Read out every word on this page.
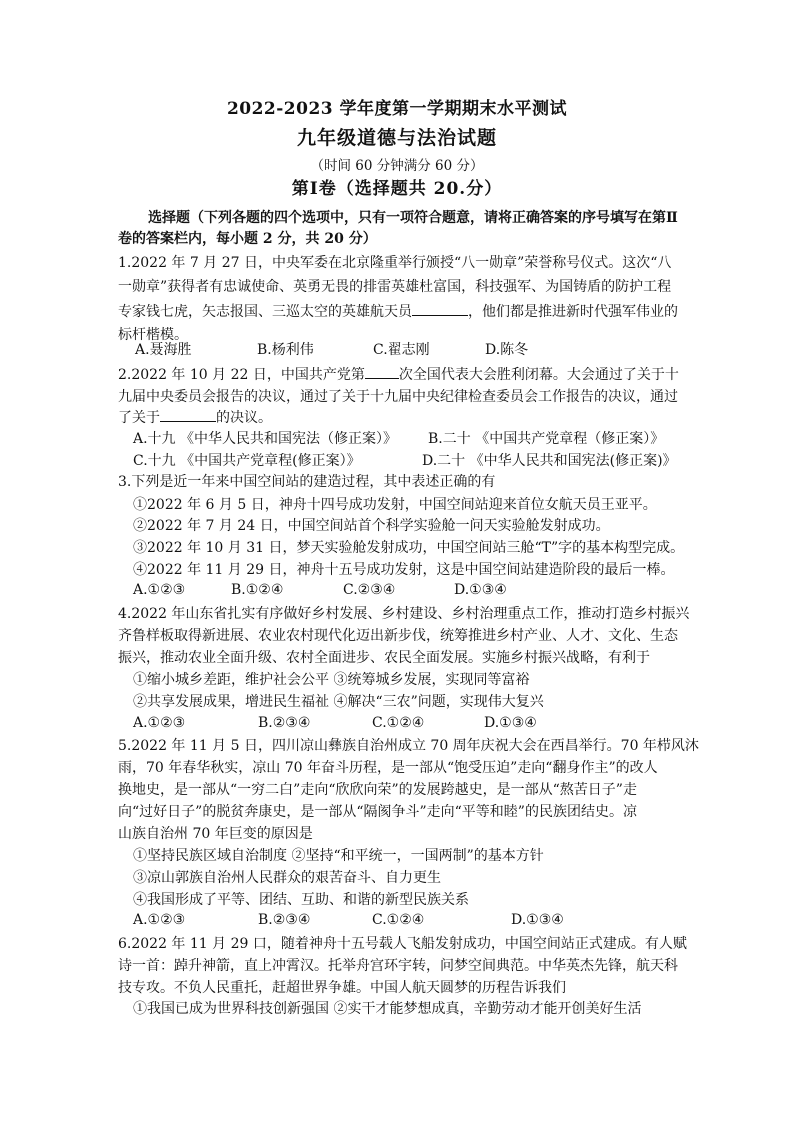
2022-2023 学年度第一学期期末水平测试
九年级道德与法治试题
（时间 60 分钟满分 60 分）
第Ⅰ卷（选择题共 20.分）
选择题（下列各题的四个选项中，只有一项符合题意，请将正确答案的序号填写在第Ⅱ
卷的答案栏内，每小题 2 分，共 20 分）
1.2022 年 7 月 27 日，中央军委在北京隆重举行颁授“八一勋章”荣誉称号仪式。这次“八
一勋章”获得者有忠诚使命、英勇无畏的排雷英雄杜富国，科技强军、为国铸盾的防护工程
专家钱七虎，矢志报国、三巡太空的英雄航天员	，他们都是推进新时代强军伟业的
标杆楷模。
A.聂海胜	B.杨利伟	C.翟志刚	D.陈冬
2.2022 年 10 月 22 日，中国共产党第 次全国代表大会胜利闭幕。大会通过了关于十
九届中央委员会报告的决议，通过了关于十九届中央纪律检查委员会工作报告的决议，通过
了关于	的决议。
A.十九 《中华人民共和国宪法（修正案）》 B.二十 《中国共产党章程（修正案）》
C.十九 《中国共产党章程(修正案）》	D.二十 《中华人民共和国宪法(修正案)》
3.下列是近一年来中国空间站的建造过程，其中表述正确的有
①2022 年 6 月 5 日，神舟十四号成功发射，中国空间站迎来首位女航天员王亚平。
②2022 年 7 月 24 日，中国空间站首个科学实验舱一问天实验舱发射成功。
③2022 年 10 月 31 日，梦天实验舱发射成功，中国空间站三舱“T”字的基本构型完成。
④2022 年 11 月 29 日，神舟十五号成功发射，这是中国空间站建造阶段的最后一棒。
A.①②③	B.①②④	C.②③④	D.①③④
4.2022 年山东省扎实有序做好乡村发展、乡村建设、乡村治理重点工作，推动打造乡村振兴
齐鲁样板取得新进展、农业农村现代化迈出新步伐，统筹推进乡村产业、人才、文化、生态
振兴，推动农业全面升级、农村全面进步、农民全面发展。实施乡村振兴战略，有利于
①缩小城乡差距，维护社会公平 ③统筹城乡发展，实现同等富裕
②共享发展成果，增进民生福祉 ④解决“三农”问题，实现伟大复兴
A.①②③	B.②③④	C.①②④	D.①③④
5.2022 年 11 月 5 日，四川凉山彝族自治州成立 70 周年庆祝大会在西昌举行。70 年栉风沐
雨，70 年春华秋实，凉山 70 年奋斗历程，是一部从“饱受压迫”走向“翻身作主”的改人
换地史，是一部从“一穷二白”走向“欣欣向荣”的发展跨越史，是一部从“熬苦日子”走
向“过好日子”的脱贫奔康史，是一部从“隔阂争斗”走向“平等和睦”的民族团结史。凉
山族自治州 70 年巨变的原因是
①坚持民族区域自治制度 ②坚持“和平统一，一国两制”的基本方针
③凉山郭族自治州人民群众的艰苦奋斗、自力更生
④我国形成了平等、团结、互助、和谐的新型民族关系
A.①②③	B.②③④	C.①②④	D.①③④
6.2022 年 11 月 29 口，随着神舟十五号载人飞船发射成功，中国空间站正式建成。有人赋
诗一首：踔升神箭，直上冲霄汉。托举舟宫环宇转，问梦空间典范。中华英杰先锋，航天科
技专攻。不负人民重托，赶超世界争雄。中国人航天圆梦的历程告诉我们
①我国已成为世界科技创新强国 ②实干才能梦想成真，辛勤劳动才能开创美好生活
